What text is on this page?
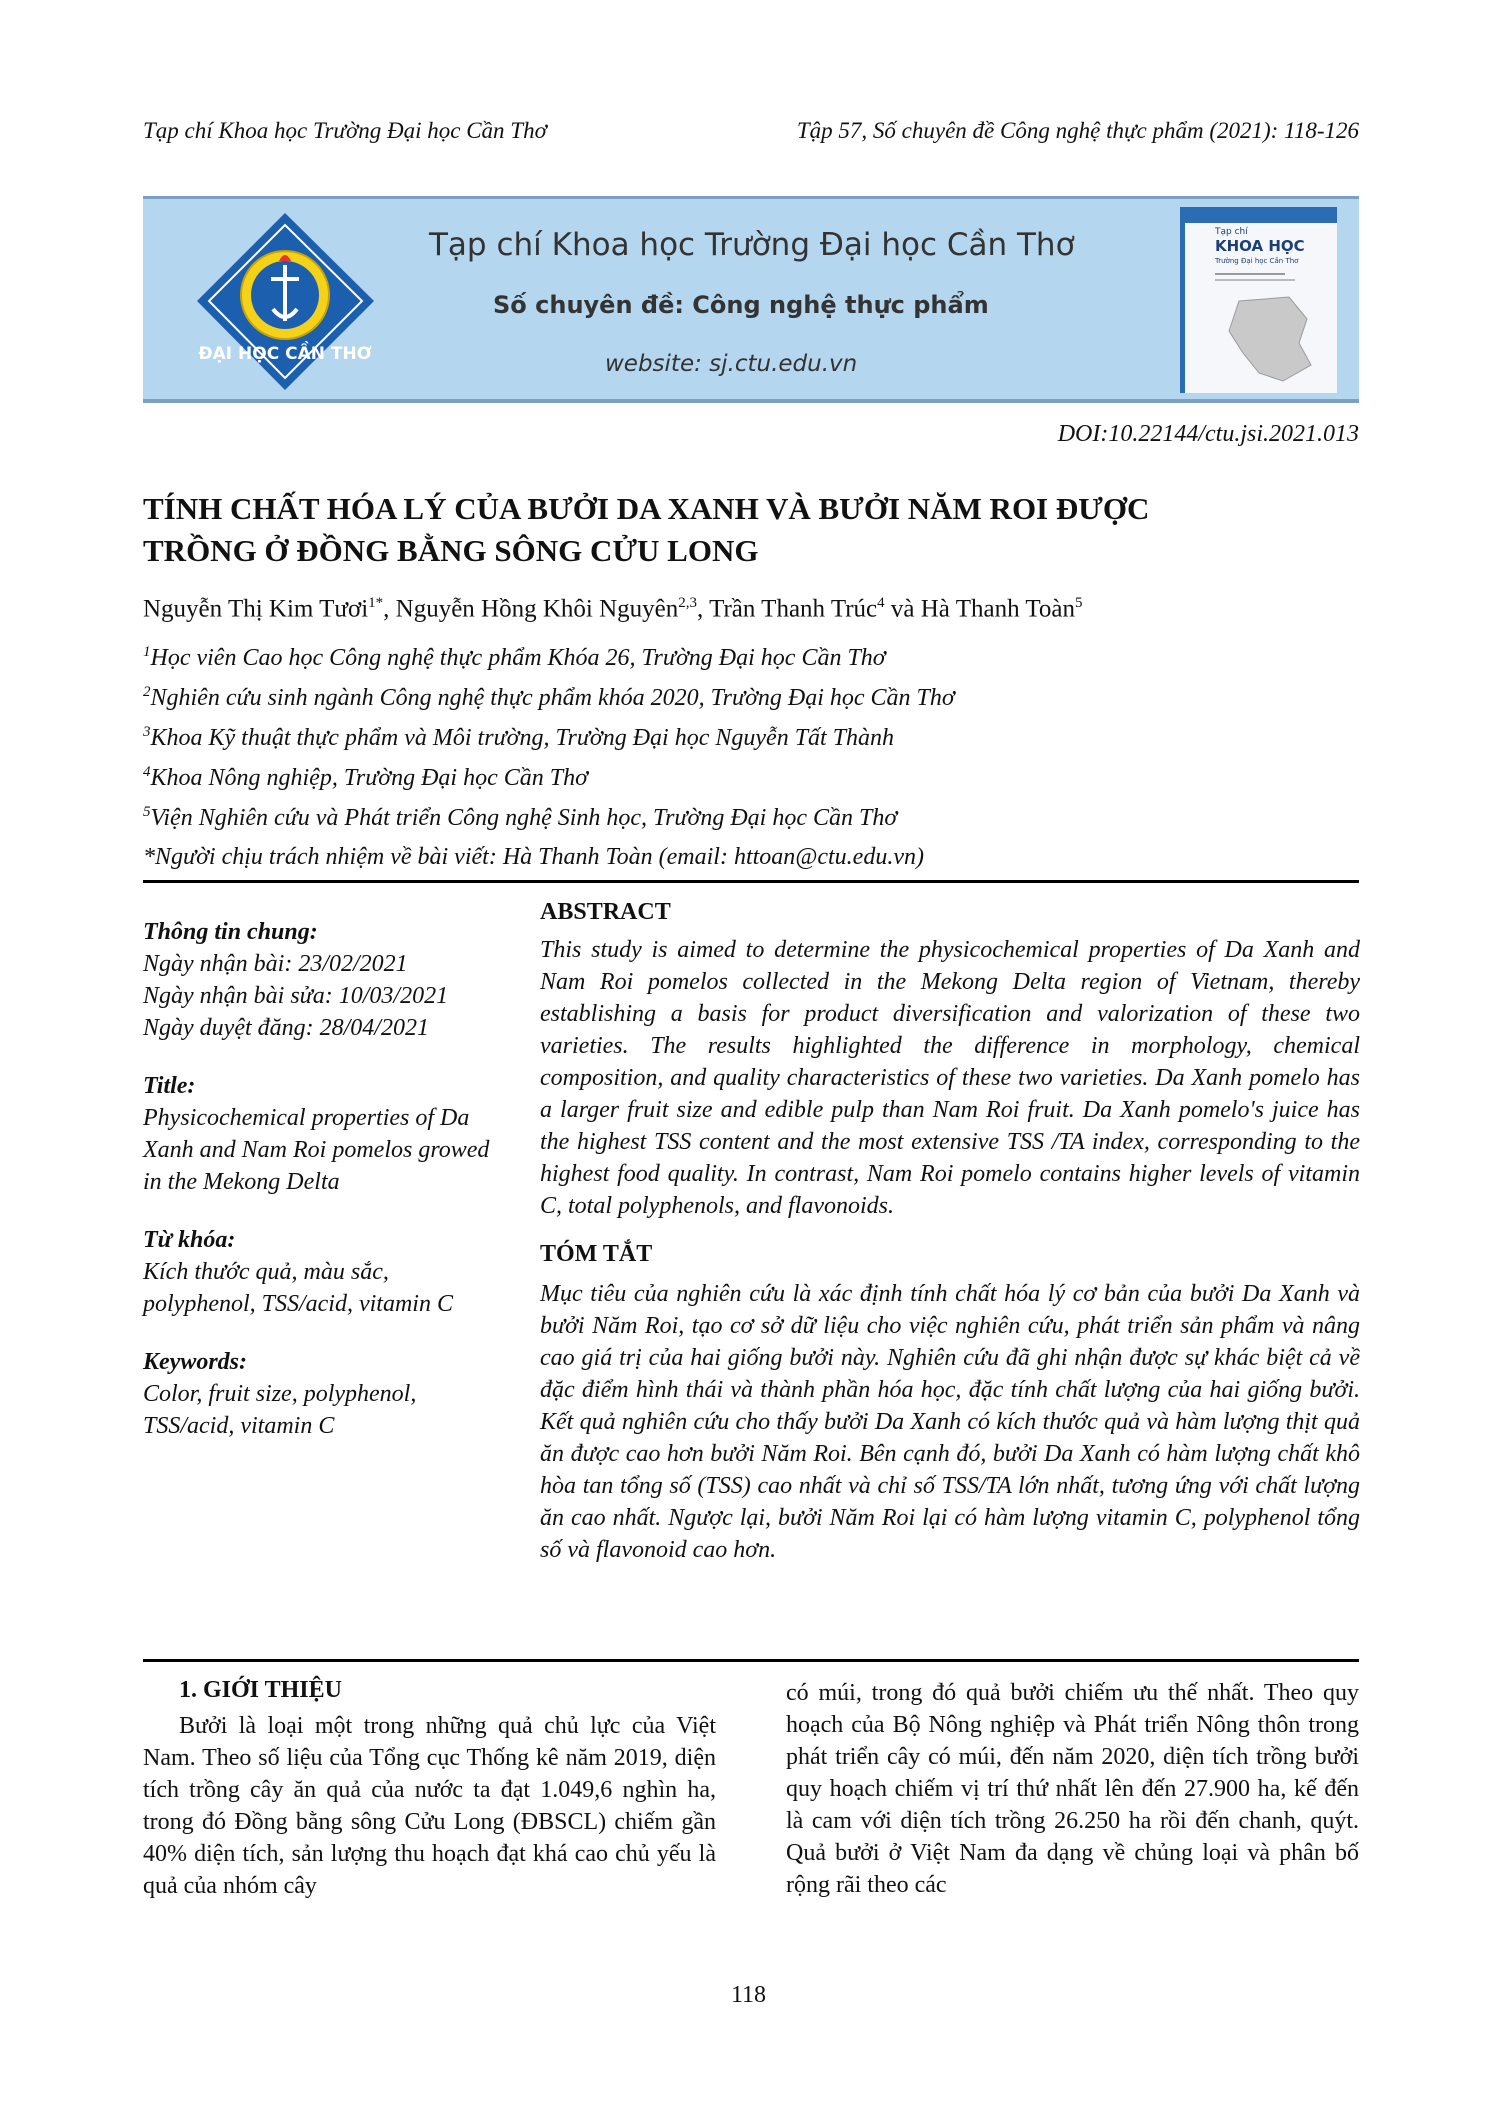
Tạp chí Khoa học Trường Đại học Cần Thơ	Tập 57, Số chuyên đề Công nghệ thực phẩm (2021): 118-126
ĐẠI HỌC CẦN THƠ
Tạp chí Khoa học Trường Đại học Cần Thơ
Số chuyên đề: Công nghệ thực phẩm
website: sj.ctu.edu.vn
Tạp chí
KHOA HỌC
Trường Đại học Cần Thơ
DOI:10.22144/ctu.jsi.2021.013
TÍNH CHẤT HÓA LÝ CỦA BƯỞI DA XANH VÀ BƯỞI NĂM ROI ĐƯỢC
TRỒNG Ở ĐỒNG BẰNG SÔNG CỬU LONG
Nguyễn Thị Kim Tươi$^{1*}$, Nguyễn Hồng Khôi Nguyên$^{2,3}$, Trần Thanh Trúc$^4$ và Hà Thanh Toàn$^5$
$^1$Học viên Cao học Công nghệ thực phẩm Khóa 26, Trường Đại học Cần Thơ
$^2$Nghiên cứu sinh ngành Công nghệ thực phẩm khóa 2020, Trường Đại học Cần Thơ
$^3$Khoa Kỹ thuật thực phẩm và Môi trường, Trường Đại học Nguyễn Tất Thành
$^4$Khoa Nông nghiệp, Trường Đại học Cần Thơ
$^5$Viện Nghiên cứu và Phát triển Công nghệ Sinh học, Trường Đại học Cần Thơ
*Người chịu trách nhiệm về bài viết: Hà Thanh Toàn (email: httoan@ctu.edu.vn)
Thông tin chung:
Ngày nhận bài: 23/02/2021
Ngày nhận bài sửa: 10/03/2021
Ngày duyệt đăng: 28/04/2021
Title:
Physicochemical properties of Da Xanh and Nam Roi pomelos growed in the Mekong Delta
Từ khóa:
Kích thước quả, màu sắc, polyphenol, TSS/acid, vitamin C
Keywords:
Color, fruit size, polyphenol, TSS/acid, vitamin C
ABSTRACT
This study is aimed to determine the physicochemical properties of Da Xanh and Nam Roi pomelos collected in the Mekong Delta region of Vietnam, thereby establishing a basis for product diversification and valorization of these two varieties. The results highlighted the difference in morphology, chemical composition, and quality characteristics of these two varieties. Da Xanh pomelo has a larger fruit size and edible pulp than Nam Roi fruit. Da Xanh pomelo's juice has the highest TSS content and the most extensive TSS /TA index, corresponding to the highest food quality. In contrast, Nam Roi pomelo contains higher levels of vitamin C, total polyphenols, and flavonoids.
TÓM TẮT
Mục tiêu của nghiên cứu là xác định tính chất hóa lý cơ bản của bưởi Da Xanh và bưởi Năm Roi, tạo cơ sở dữ liệu cho việc nghiên cứu, phát triển sản phẩm và nâng cao giá trị của hai giống bưởi này. Nghiên cứu đã ghi nhận được sự khác biệt cả về đặc điểm hình thái và thành phần hóa học, đặc tính chất lượng của hai giống bưởi. Kết quả nghiên cứu cho thấy bưởi Da Xanh có kích thước quả và hàm lượng thịt quả ăn được cao hơn bưởi Năm Roi. Bên cạnh đó, bưởi Da Xanh có hàm lượng chất khô hòa tan tổng số (TSS) cao nhất và chỉ số TSS/TA lớn nhất, tương ứng với chất lượng ăn cao nhất. Ngược lại, bưởi Năm Roi lại có hàm lượng vitamin C, polyphenol tổng số và flavonoid cao hơn.
1. GIỚI THIỆU
Bưởi là loại một trong những quả chủ lực của Việt Nam. Theo số liệu của Tổng cục Thống kê năm 2019, diện tích trồng cây ăn quả của nước ta đạt 1.049,6 nghìn ha, trong đó Đồng bằng sông Cửu Long (ĐBSCL) chiếm gần 40% diện tích, sản lượng thu hoạch đạt khá cao chủ yếu là quả của nhóm cây
có múi, trong đó quả bưởi chiếm ưu thế nhất. Theo quy hoạch của Bộ Nông nghiệp và Phát triển Nông thôn trong phát triển cây có múi, đến năm 2020, diện tích trồng bưởi quy hoạch chiếm vị trí thứ nhất lên đến 27.900 ha, kế đến là cam với diện tích trồng 26.250 ha rồi đến chanh, quýt. Quả bưởi ở Việt Nam đa dạng về chủng loại và phân bố rộng rãi theo các
118
